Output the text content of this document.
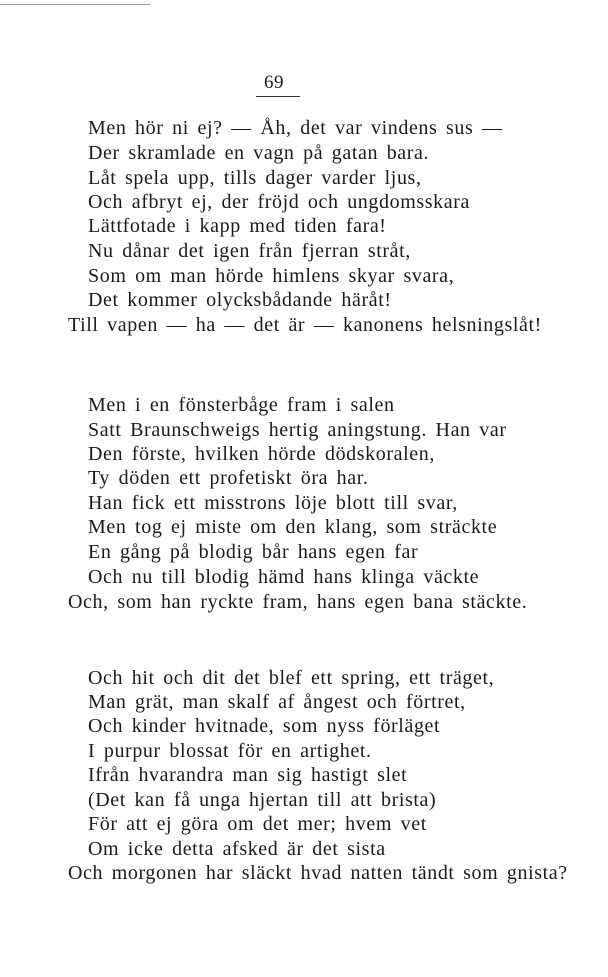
69
Men hör ni ej? — Åh, det var vindens sus —
Der skramlade en vagn på gatan bara.
Låt spela upp, tills dager varder ljus,
Och afbryt ej, der fröjd och ungdomsskara
Lättfotade i kapp med tiden fara!
Nu dånar det igen från fjerran stråt,
Som om man hörde himlens skyar svara,
Det kommer olycksbådande häråt!
Till vapen — ha — det är — kanonens helsningslåt!
Men i en fönsterbåge fram i salen
Satt Braunschweigs hertig aningstung. Han var
Den förste, hvilken hörde dödskoralen,
Ty döden ett profetiskt öra har.
Han fick ett misstrons löje blott till svar,
Men tog ej miste om den klang, som sträckte
En gång på blodig bår hans egen far
Och nu till blodig hämd hans klinga väckte
Och, som han ryckte fram, hans egen bana stäckte.
Och hit och dit det blef ett spring, ett träget,
Man grät, man skalf af ångest och förtret,
Och kinder hvitnade, som nyss förläget
I purpur blossat för en artighet.
Ifrån hvarandra man sig hastigt slet
(Det kan få unga hjertan till att brista)
För att ej göra om det mer; hvem vet
Om icke detta afsked är det sista
Och morgonen har släckt hvad natten tändt som gnista?
